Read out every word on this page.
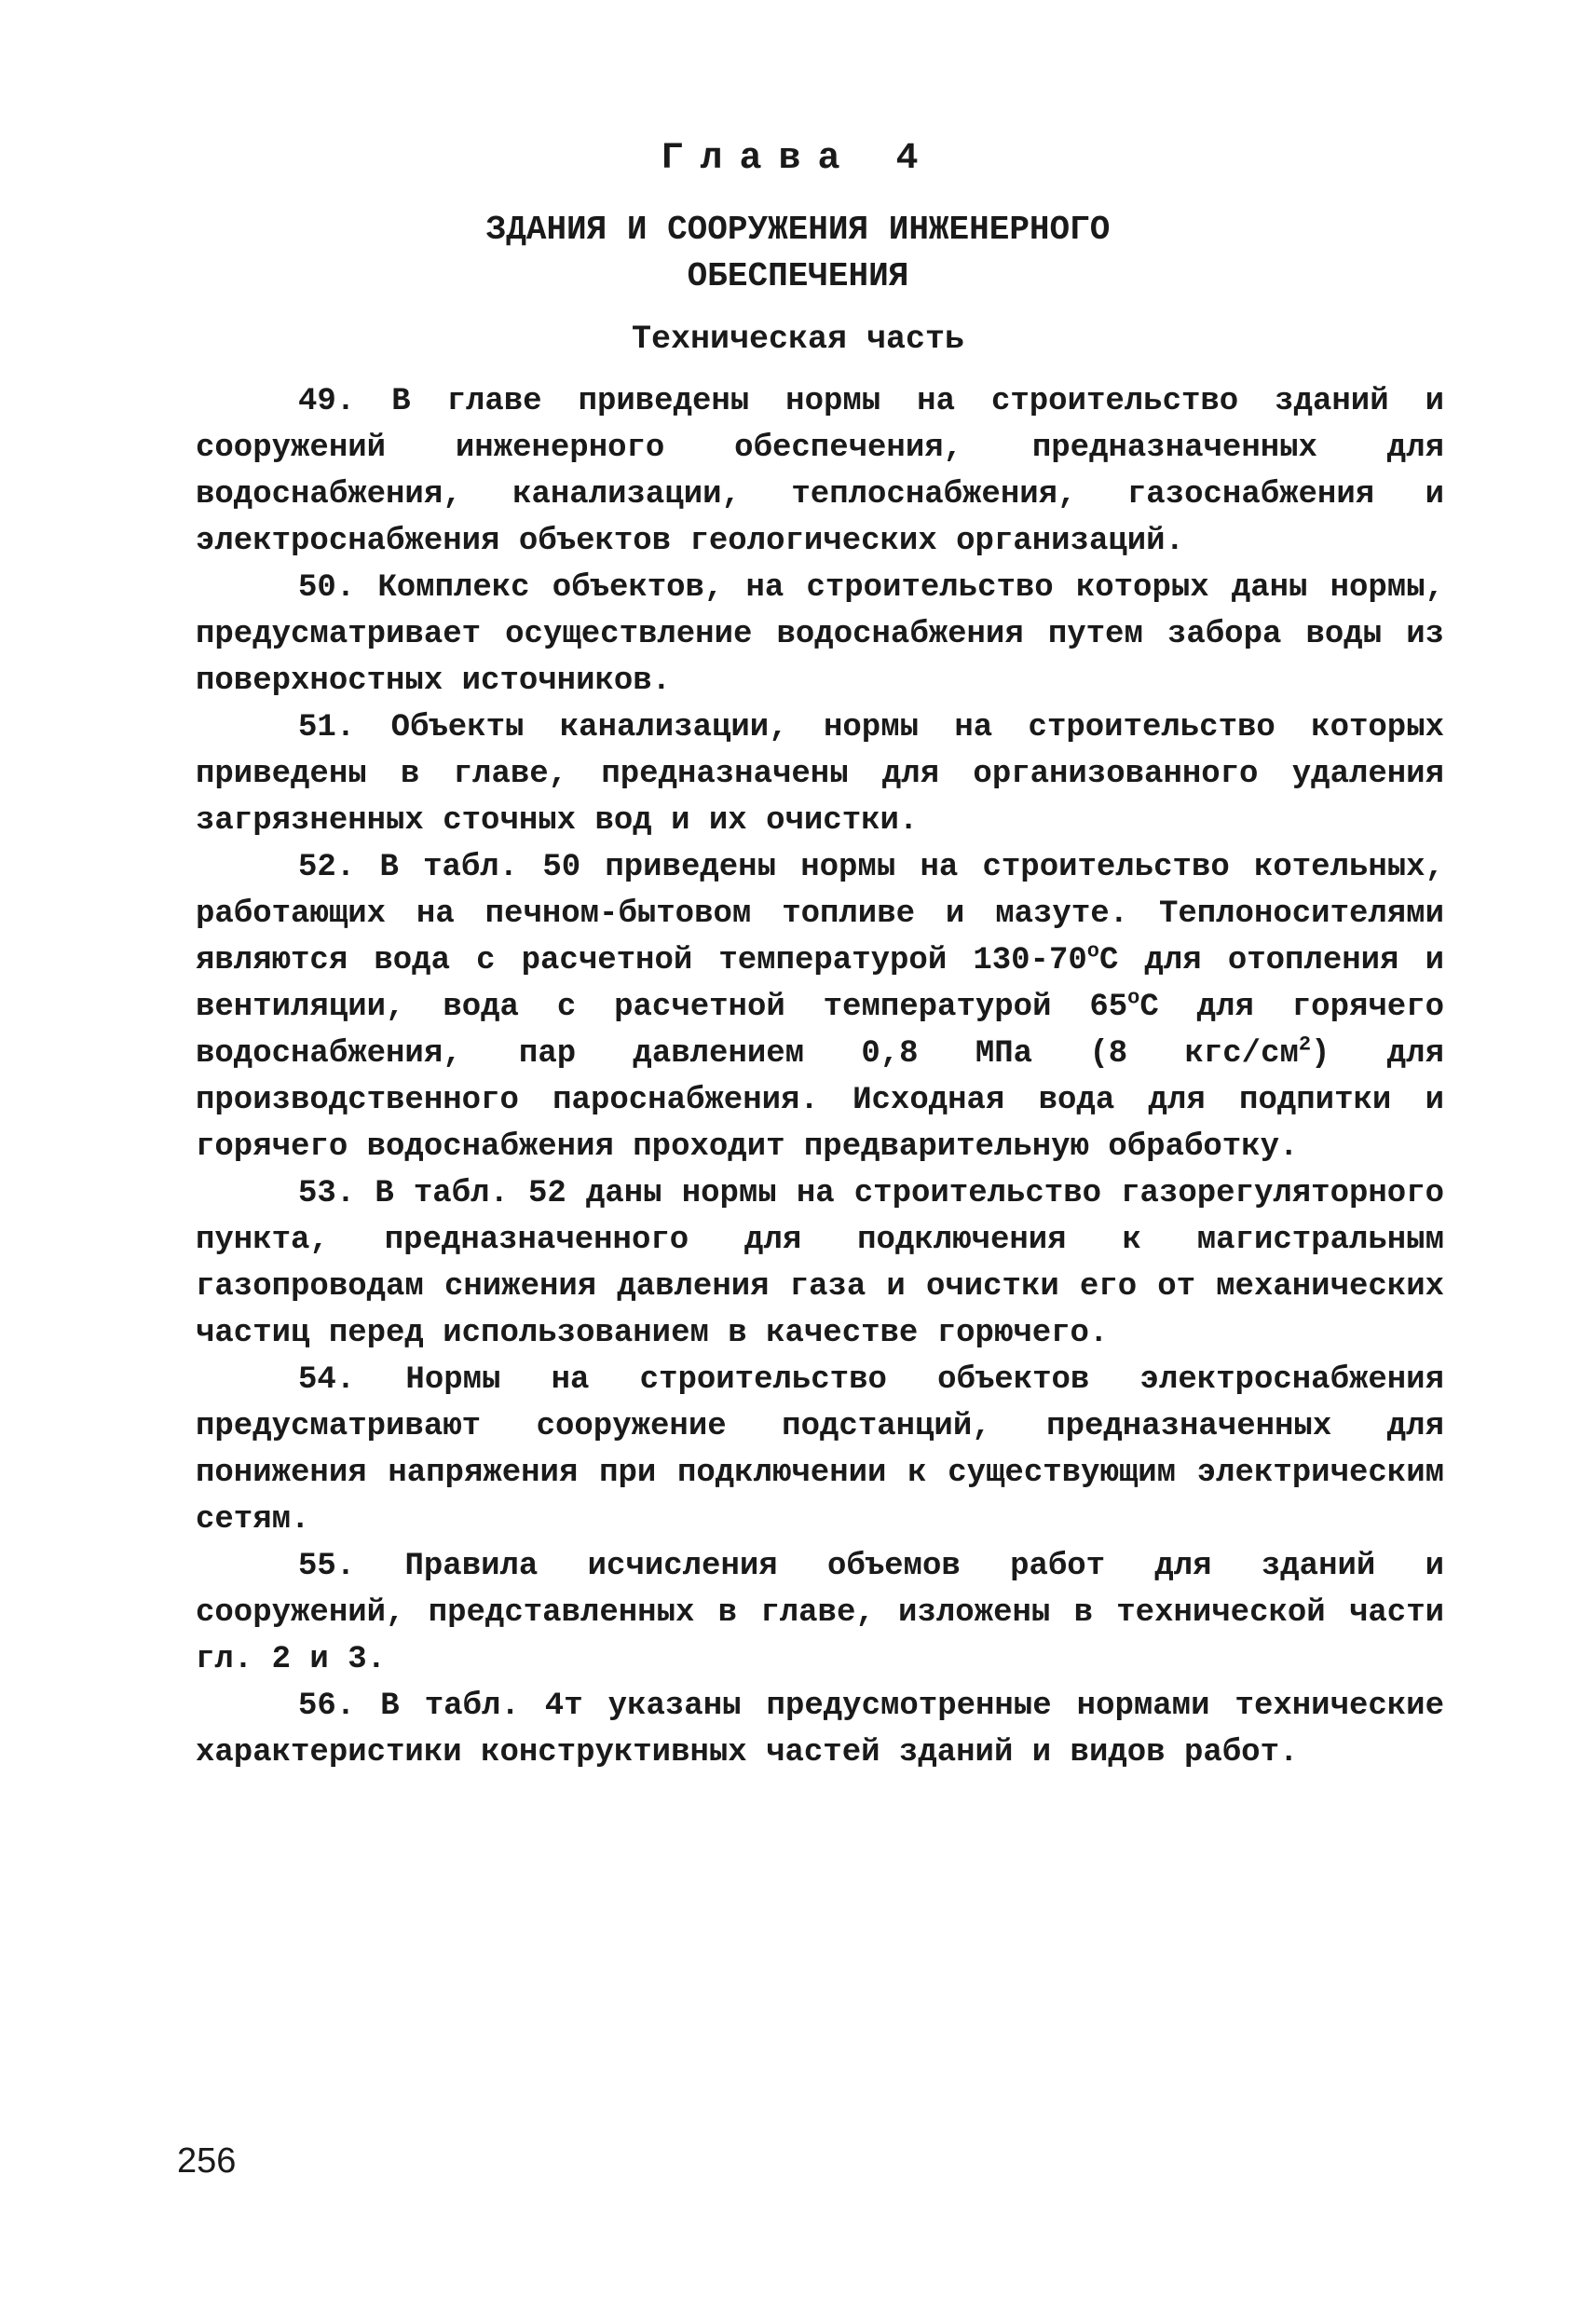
Глава 4
ЗДАНИЯ И СООРУЖЕНИЯ ИНЖЕНЕРНОГО
ОБЕСПЕЧЕНИЯ
Техническая часть

49. В главе приведены нормы на строительство зданий и сооружений инженерного обеспечения, предназначенных для водоснабжения, канализации, теплоснабжения, газоснабжения и электроснабжения объектов геологических организаций.

50. Комплекс объектов, на строительство которых даны нормы, предусматривает осуществление водоснабжения путем забора воды из поверхностных источников.

51. Объекты канализации, нормы на строительство которых приведены в главе, предназначены для организованного удаления загрязненных сточных вод и их очистки.

52. В табл. 50 приведены нормы на строительство котельных, работающих на печном-бытовом топливе и мазуте. Теплоносителями являются вода с расчетной температурой 130-70$^o$С для отопления и вентиляции, вода с расчетной температурой 65$^o$С для горячего водоснабжения, пар давлением 0,8 МПа (8 кгс/$см^2$) для производственного пароснабжения. Исходная вода для подпитки и горячего водоснабжения проходит предварительную обработку.

53. В табл. 52 даны нормы на строительство газорегуляторного пункта, предназначенного для подключения к магистральным газопроводам снижения давления газа и очистки его от механических частиц перед использованием в качестве горючего.

54. Нормы на строительство объектов электроснабжения предусматривают сооружение подстанций, предназначенных для понижения напряжения при подключении к существующим электрическим сетям.

55. Правила исчисления объемов работ для зданий и сооружений, представленных в главе, изложены в технической части гл. 2 и 3.

56. В табл. 4т указаны предусмотренные нормами технические характеристики конструктивных частей зданий и видов работ.

256
